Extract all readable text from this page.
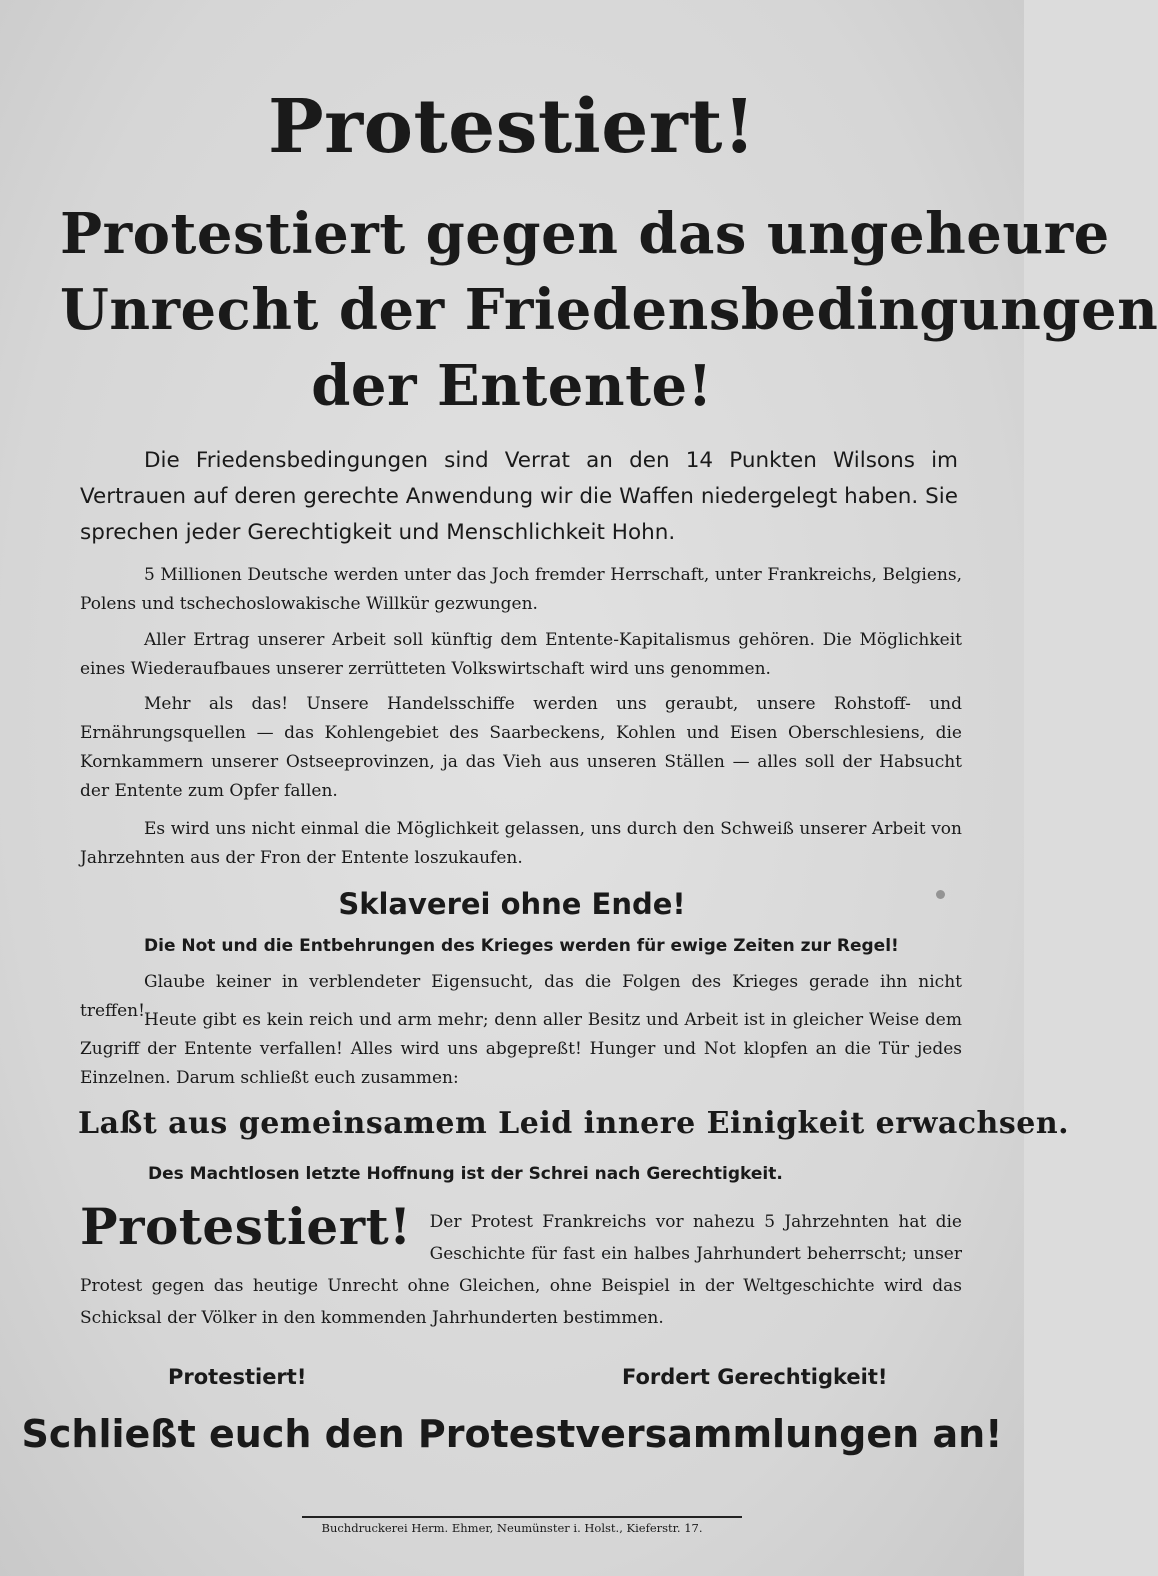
Protestiert!
Protestiert gegen das ungeheure
Unrecht der Friedensbedingungen
der Entente!
Die Friedensbedingungen sind Verrat an den 14 Punkten Wilsons im Vertrauen auf deren gerechte Anwendung wir die Waffen niedergelegt haben. Sie sprechen jeder Gerechtigkeit und Menschlichkeit Hohn.
5 Millionen Deutsche werden unter das Joch fremder Herrschaft, unter Frankreichs, Belgiens, Polens und tschechoslowakische Willkür gezwungen.
Aller Ertrag unserer Arbeit soll künftig dem Entente-Kapitalismus gehören. Die Möglichkeit eines Wiederaufbaues unserer zerrütteten Volkswirtschaft wird uns genommen.
Mehr als das! Unsere Handelsschiffe werden uns geraubt, unsere Rohstoff- und Ernährungsquellen — das Kohlengebiet des Saarbeckens, Kohlen und Eisen Oberschlesiens, die Kornkammern unserer Ostseeprovinzen, ja das Vieh aus unseren Ställen — alles soll der Habsucht der Entente zum Opfer fallen.
Es wird uns nicht einmal die Möglichkeit gelassen, uns durch den Schweiß unserer Arbeit von Jahrzehnten aus der Fron der Entente loszukaufen.
Sklaverei ohne Ende!
Die Not und die Entbehrungen des Krieges werden für ewige Zeiten zur Regel!
Glaube keiner in verblendeter Eigensucht, das die Folgen des Krieges gerade ihn nicht treffen! Heute gibt es kein reich und arm mehr; denn aller Besitz und Arbeit ist in gleicher Weise dem Zugriff der Entente verfallen! Alles wird uns abgepreßt! Hunger und Not klopfen an die Tür jedes Einzelnen. Darum schließt euch zusammen:
Laßt aus gemeinsamem Leid innere Einigkeit erwachsen.
Des Machtlosen letzte Hoffnung ist der Schrei nach Gerechtigkeit.
Protestiert! Der Protest Frankreichs vor nahezu 5 Jahrzehnten hat die Geschichte für fast ein halbes Jahrhundert beherrscht; unser Protest gegen das heutige Unrecht ohne Gleichen, ohne Beispiel in der Weltgeschichte wird das Schicksal der Völker in den kommenden Jahrhunderten bestimmen.
Protestiert!	Fordert Gerechtigkeit!
Schließt euch den Protestversammlungen an!
Buchdruckerei Herm. Ehmer, Neumünster i. Holst., Kieferstr. 17.
